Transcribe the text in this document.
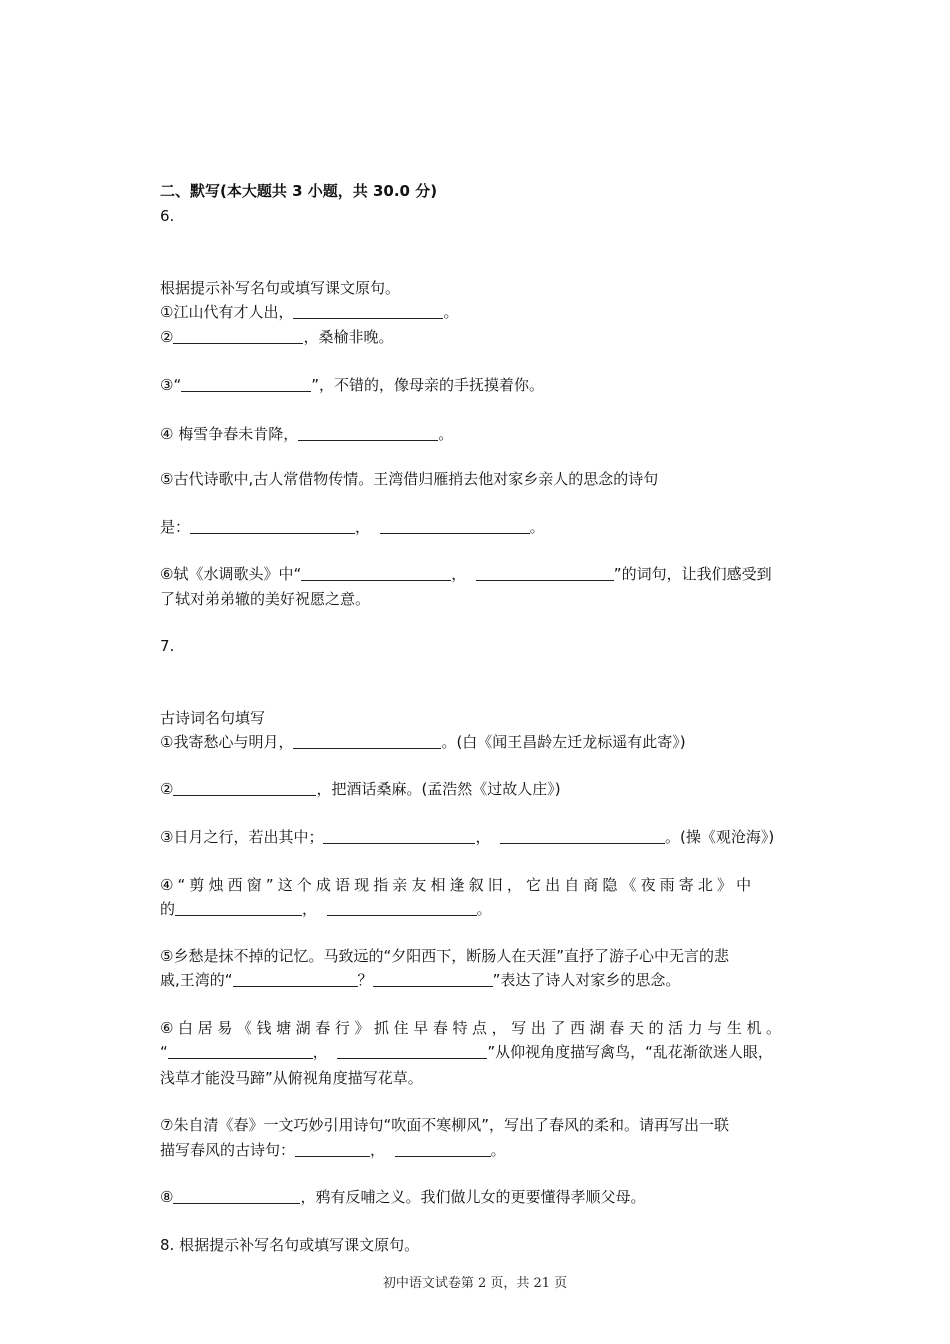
二、默写(本大题共 3 小题，共 30.0 分)
6.
根据提示补写名句或填写课文原句。
①江山代有才人出，	。
②	，桑榆非晚。
③“	”，不错的，像母亲的手抚摸着你。
④ 梅雪争春未肯降，	。
⑤古代诗歌中,古人常借物传情。王湾借归雁捎去他对家乡亲人的思念的诗句
是：	，	。
⑥轼《水调歌头》中“	，	”的词句，让我们感受到
了轼对弟弟辙的美好祝愿之意。
7.
古诗词名句填写
①我寄愁心与明月，	。(白《闻王昌龄左迁龙标遥有此寄》)
②	，把酒话桑麻。(孟浩然《过故人庄》)
③日月之行，若出其中；	，	。(操《观沧海》)
④“剪烛西窗”这个成语现指亲友相逢叙旧，它出自商隐《夜雨寄北》中
的	，	。
⑤乡愁是抹不掉的记忆。马致远的“夕阳西下，断肠人在天涯”直抒了游子心中无言的悲
戚,王湾的“	？	”表达了诗人对家乡的思念。
⑥白居易《钱塘湖春行》抓住早春特点，写出了西湖春天的活力与生机。
“	，	”从仰视角度描写禽鸟，“乱花渐欲迷人眼，
浅草才能没马蹄”从俯视角度描写花草。
⑦朱自清《春》一文巧妙引用诗句“吹面不寒柳风”，写出了春风的柔和。请再写出一联
描写春风的古诗句：	，	。
⑧	，鸦有反哺之义。我们做儿女的更要懂得孝顺父母。
8. 根据提示补写名句或填写课文原句。
初中语文试卷第 2 页，共 21 页
